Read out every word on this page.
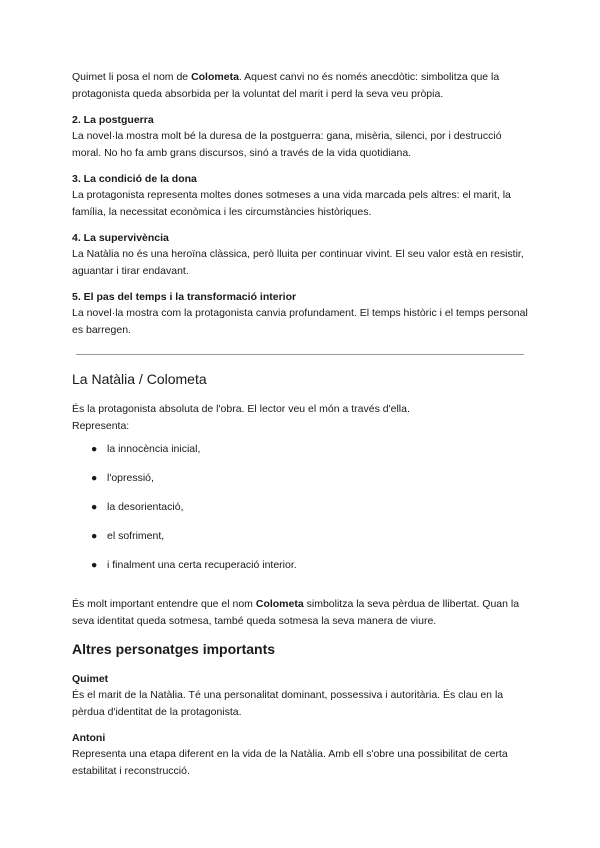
Quimet li posa el nom de Colometa. Aquest canvi no és només anecdòtic: simbolitza que la protagonista queda absorbida per la voluntat del marit i perd la seva veu pròpia.

2. La postguerra

La novel·la mostra molt bé la duresa de la postguerra: gana, misèria, silenci, por i destrucció moral. No ho fa amb grans discursos, sinó a través de la vida quotidiana.

3. La condició de la dona

La protagonista representa moltes dones sotmeses a una vida marcada pels altres: el marit, la família, la necessitat econòmica i les circumstàncies històriques.

4. La supervivència

La Natàlia no és una heroïna clàssica, però lluita per continuar vivint. El seu valor està en resistir, aguantar i tirar endavant.

5. El pas del temps i la transformació interior

La novel·la mostra com la protagonista canvia profundament. El temps històric i el temps personal es barregen.

La Natàlia / Colometa

És la protagonista absoluta de l'obra. El lector veu el món a través d'ella.

Representa:

● la innocència inicial,
● l'opressió,
● la desorientació,
● el sofriment,
● i finalment una certa recuperació interior.

És molt important entendre que el nom Colometa simbolitza la seva pèrdua de llibertat. Quan la seva identitat queda sotmesa, també queda sotmesa la seva manera de viure.

Altres personatges importants
Quimet

És el marit de la Natàlia. Té una personalitat dominant, possessiva i autoritària. És clau en la pèrdua d'identitat de la protagonista.

Antoni

Representa una etapa diferent en la vida de la Natàlia. Amb ell s'obre una possibilitat de certa estabilitat i reconstrucció.
